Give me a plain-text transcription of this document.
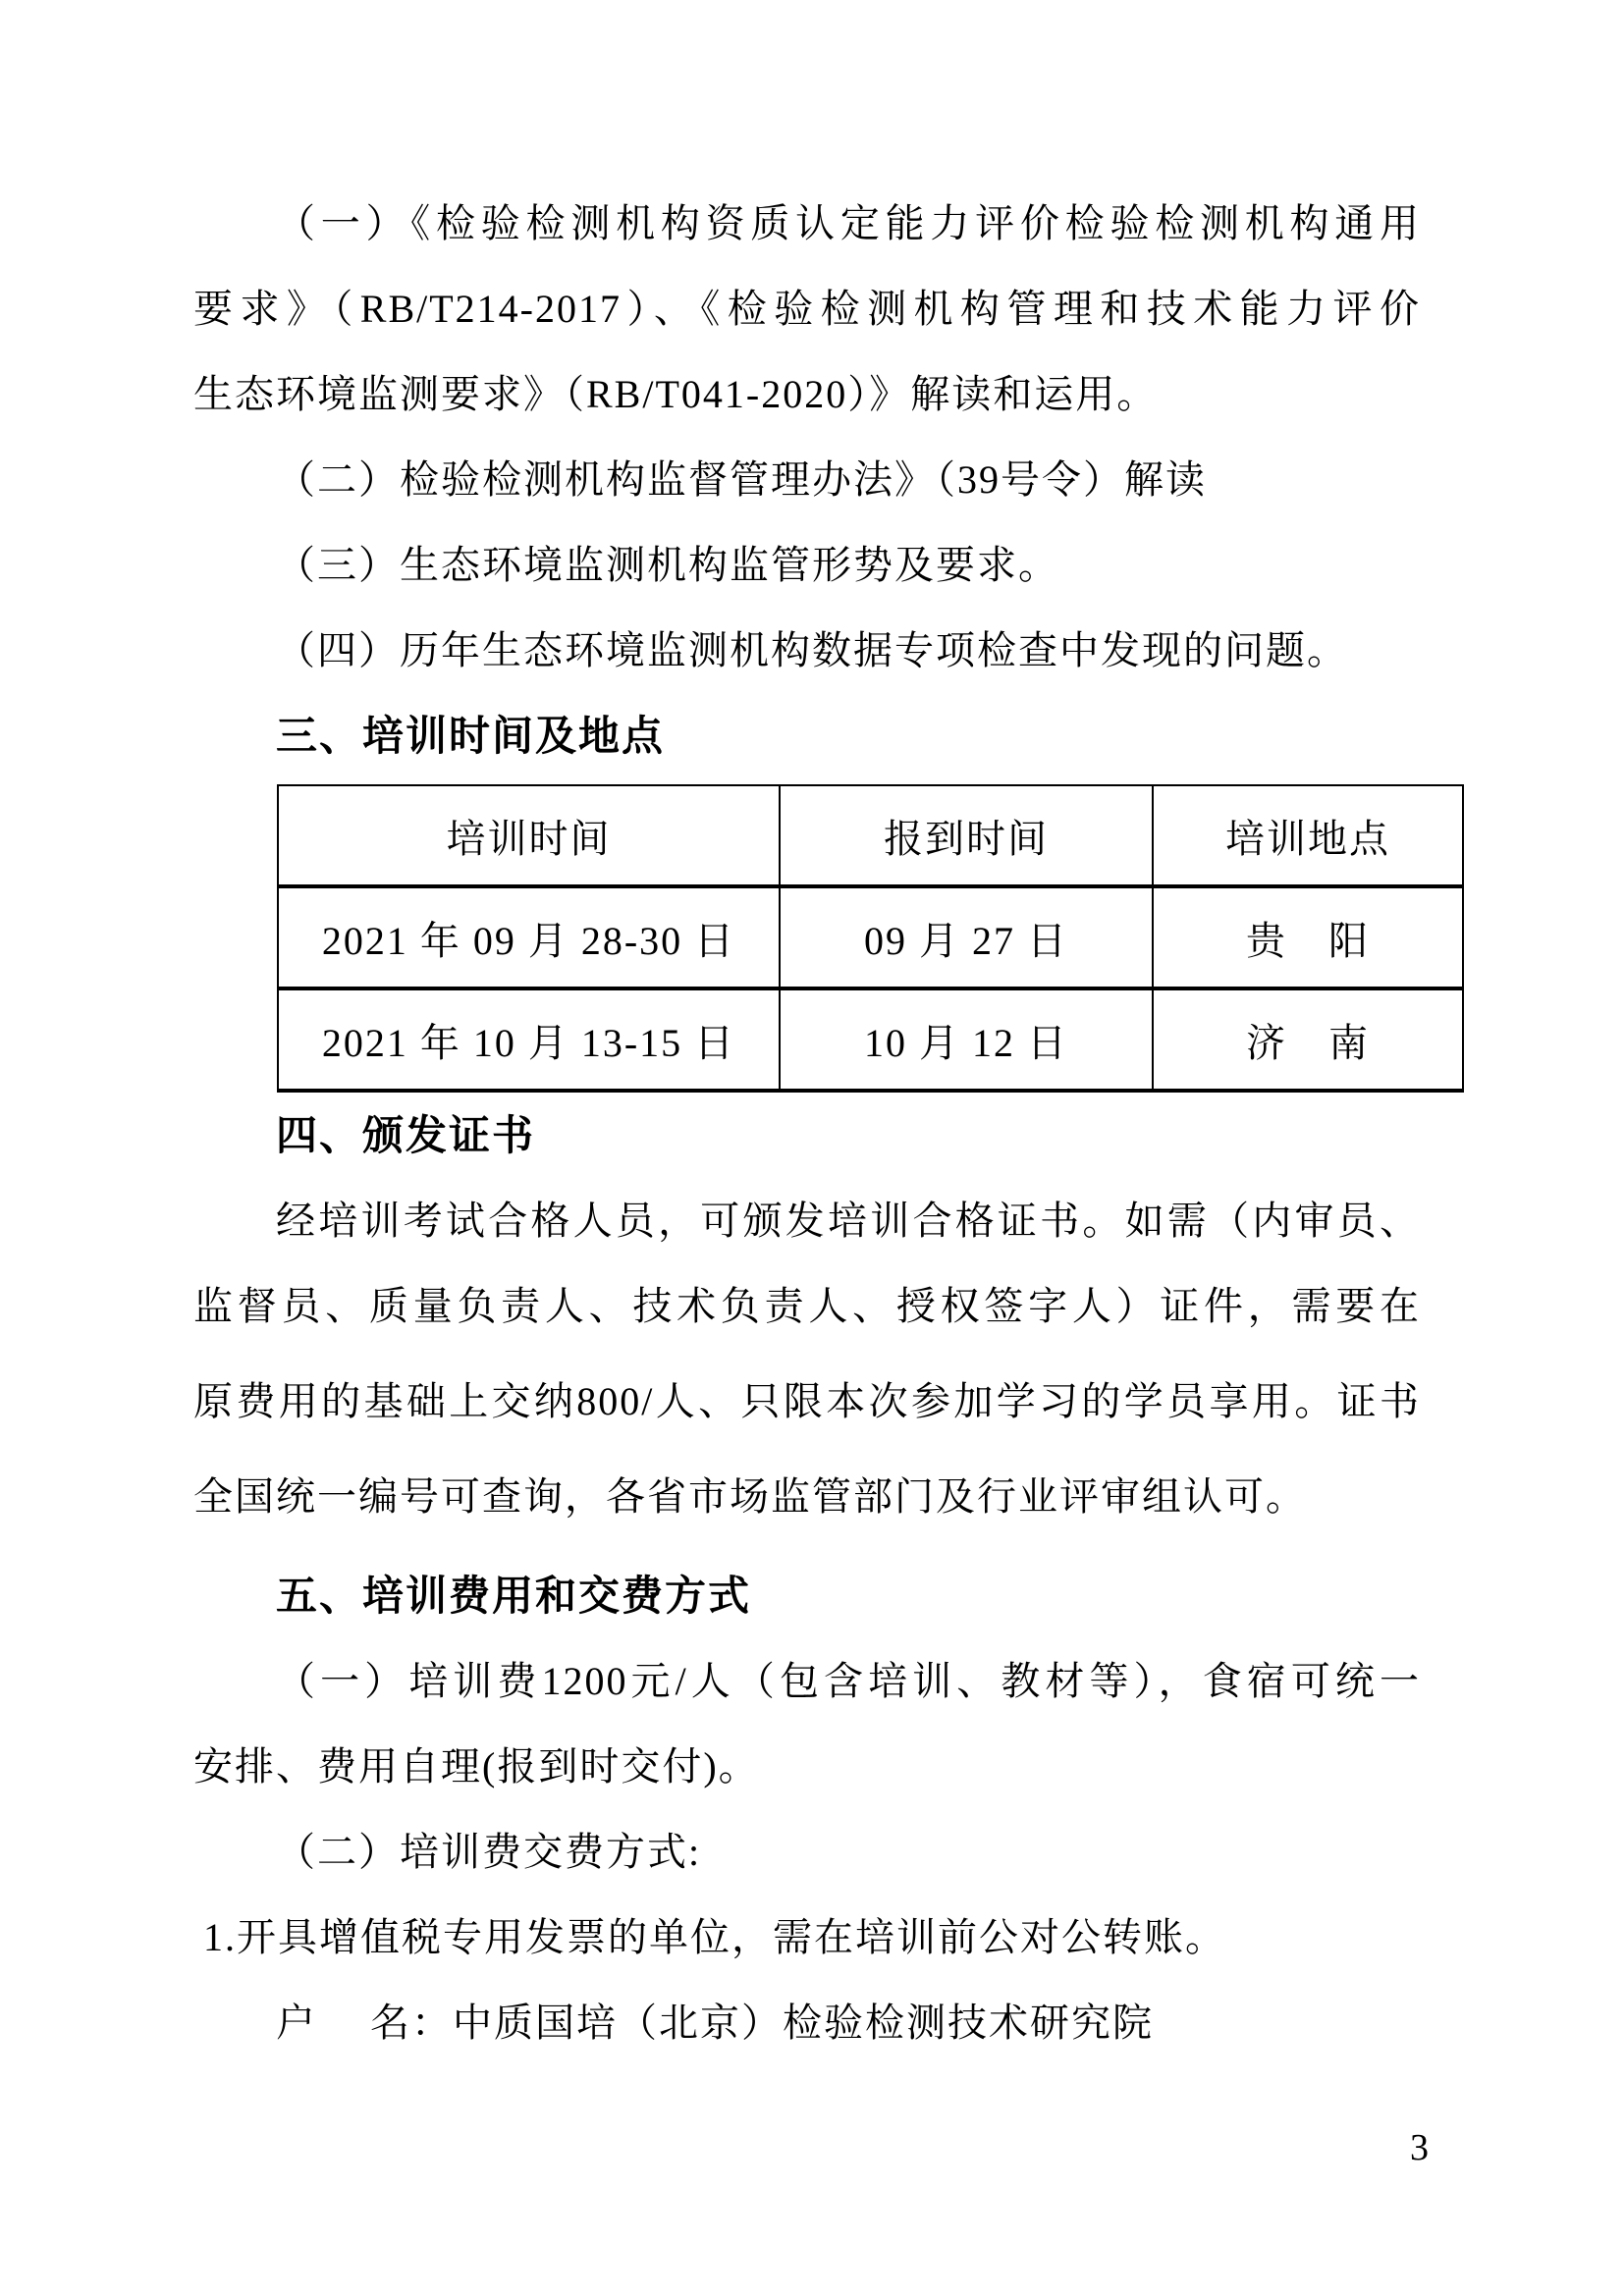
（一）《检验检测机构资质认定能力评价检验检测机构通用
要求》（RB/T214-2017）、《检验检测机构管理和技术能力评价
生态环境监测要求》（RB/T041-2020）》解读和运用。
（二）检验检测机构监督管理办法》（39号令）解读
（三）生态环境监测机构监管形势及要求。
（四）历年生态环境监测机构数据专项检查中发现的问题。
三、培训时间及地点
培训时间	报到时间	培训地点
2021 年 09 月 28-30 日	09 月 27 日	贵　阳
2021 年 10 月 13-15 日	10 月 12 日	济　南
四、颁发证书
经培训考试合格人员，可颁发培训合格证书。如需（内审员、
监督员、质量负责人、技术负责人、授权签字人）证件，需要在
原费用的基础上交纳800/人、只限本次参加学习的学员享用。证书
全国统一编号可查询，各省市场监管部门及行业评审组认可。
五、培训费用和交费方式
（一）培训费1200元/人（包含培训、教材等），食宿可统一
安排、费用自理(报到时交付)。
（二）培训费交费方式:
1.开具增值税专用发票的单位，需在培训前公对公转账。
户　 名：中质国培（北京）检验检测技术研究院
3
